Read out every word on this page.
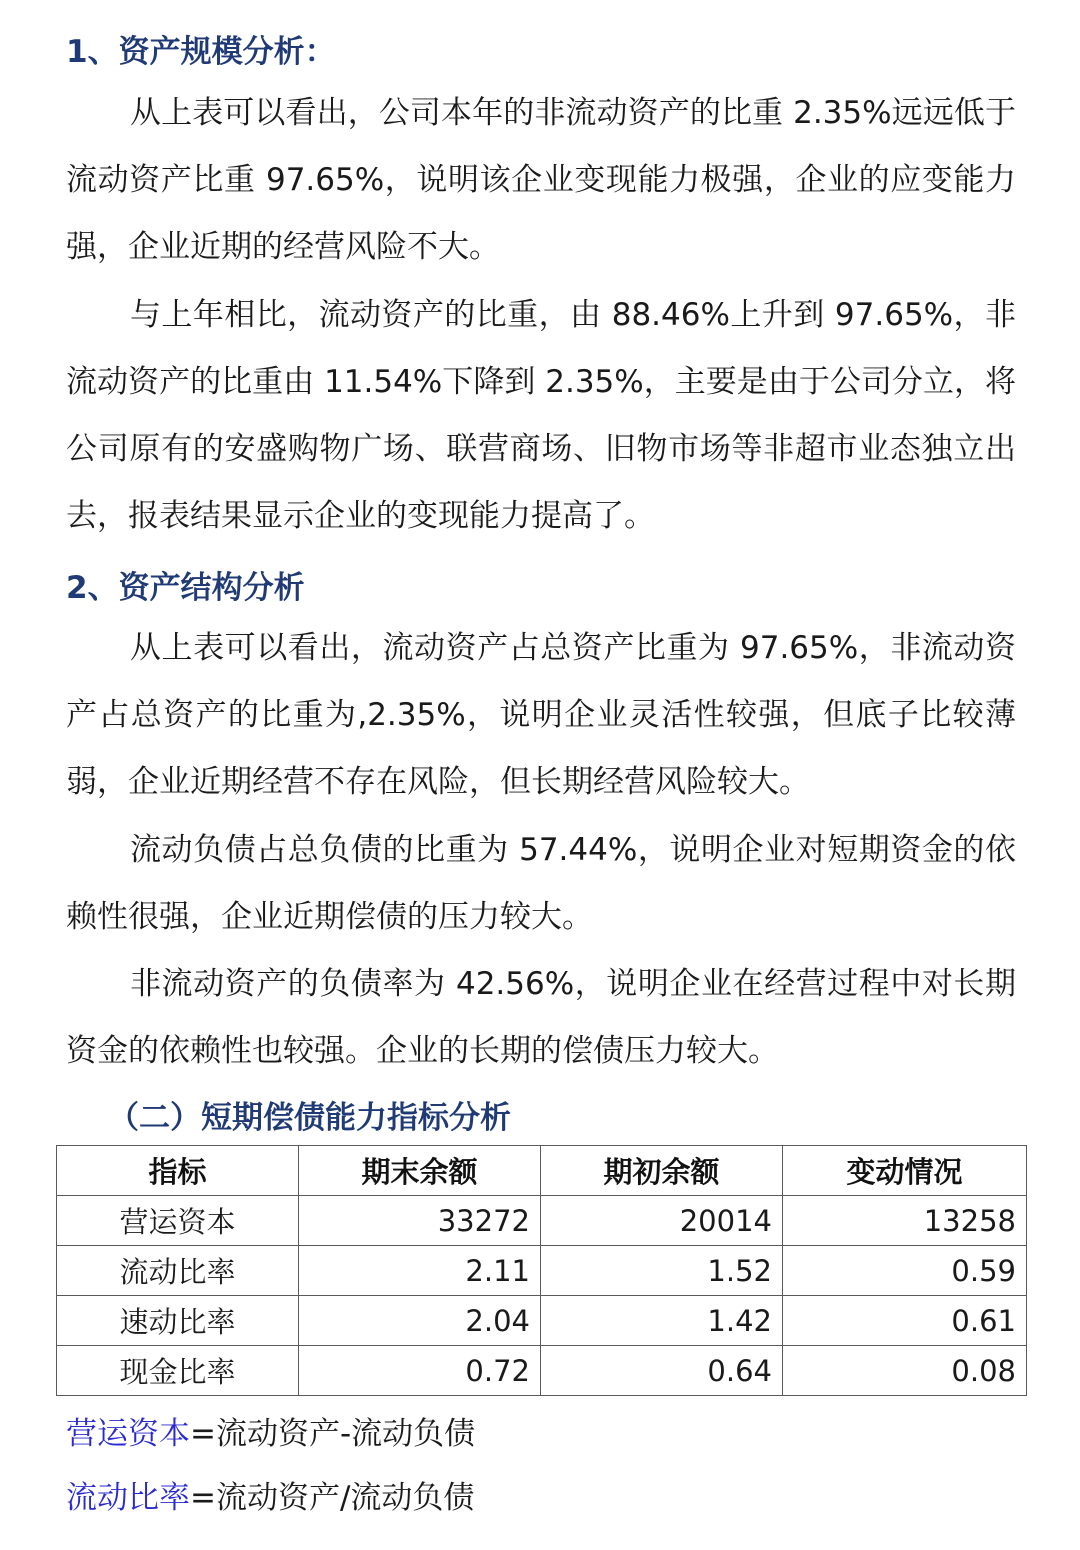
1、资产规模分析：

从上表可以看出，公司本年的非流动资产的比重 2.35%远远低于流动资产比重 97.65%，说明该企业变现能力极强，企业的应变能力强，企业近期的经营风险不大。

与上年相比，流动资产的比重，由 88.46%上升到 97.65%，非流动资产的比重由 11.54%下降到 2.35%，主要是由于公司分立，将公司原有的安盛购物广场、联营商场、旧物市场等非超市业态独立出去，报表结果显示企业的变现能力提高了。

2、资产结构分析

从上表可以看出，流动资产占总资产比重为 97.65%，非流动资产占总资产的比重为,2.35%，说明企业灵活性较强，但底子比较薄弱，企业近期经营不存在风险，但长期经营风险较大。

流动负债占总负债的比重为 57.44%，说明企业对短期资金的依赖性很强，企业近期偿债的压力较大。

非流动资产的负债率为 42.56%，说明企业在经营过程中对长期资金的依赖性也较强。企业的长期的偿债压力较大。

（二）短期偿债能力指标分析
指标	期末余额	期初余额	变动情况
营运资本	33272	20014	13258
流动比率	2.11	1.52	0.59
速动比率	2.04	1.42	0.61
现金比率	0.72	0.64	0.08
营运资本=流动资产-流动负债
流动比率=流动资产/流动负债
